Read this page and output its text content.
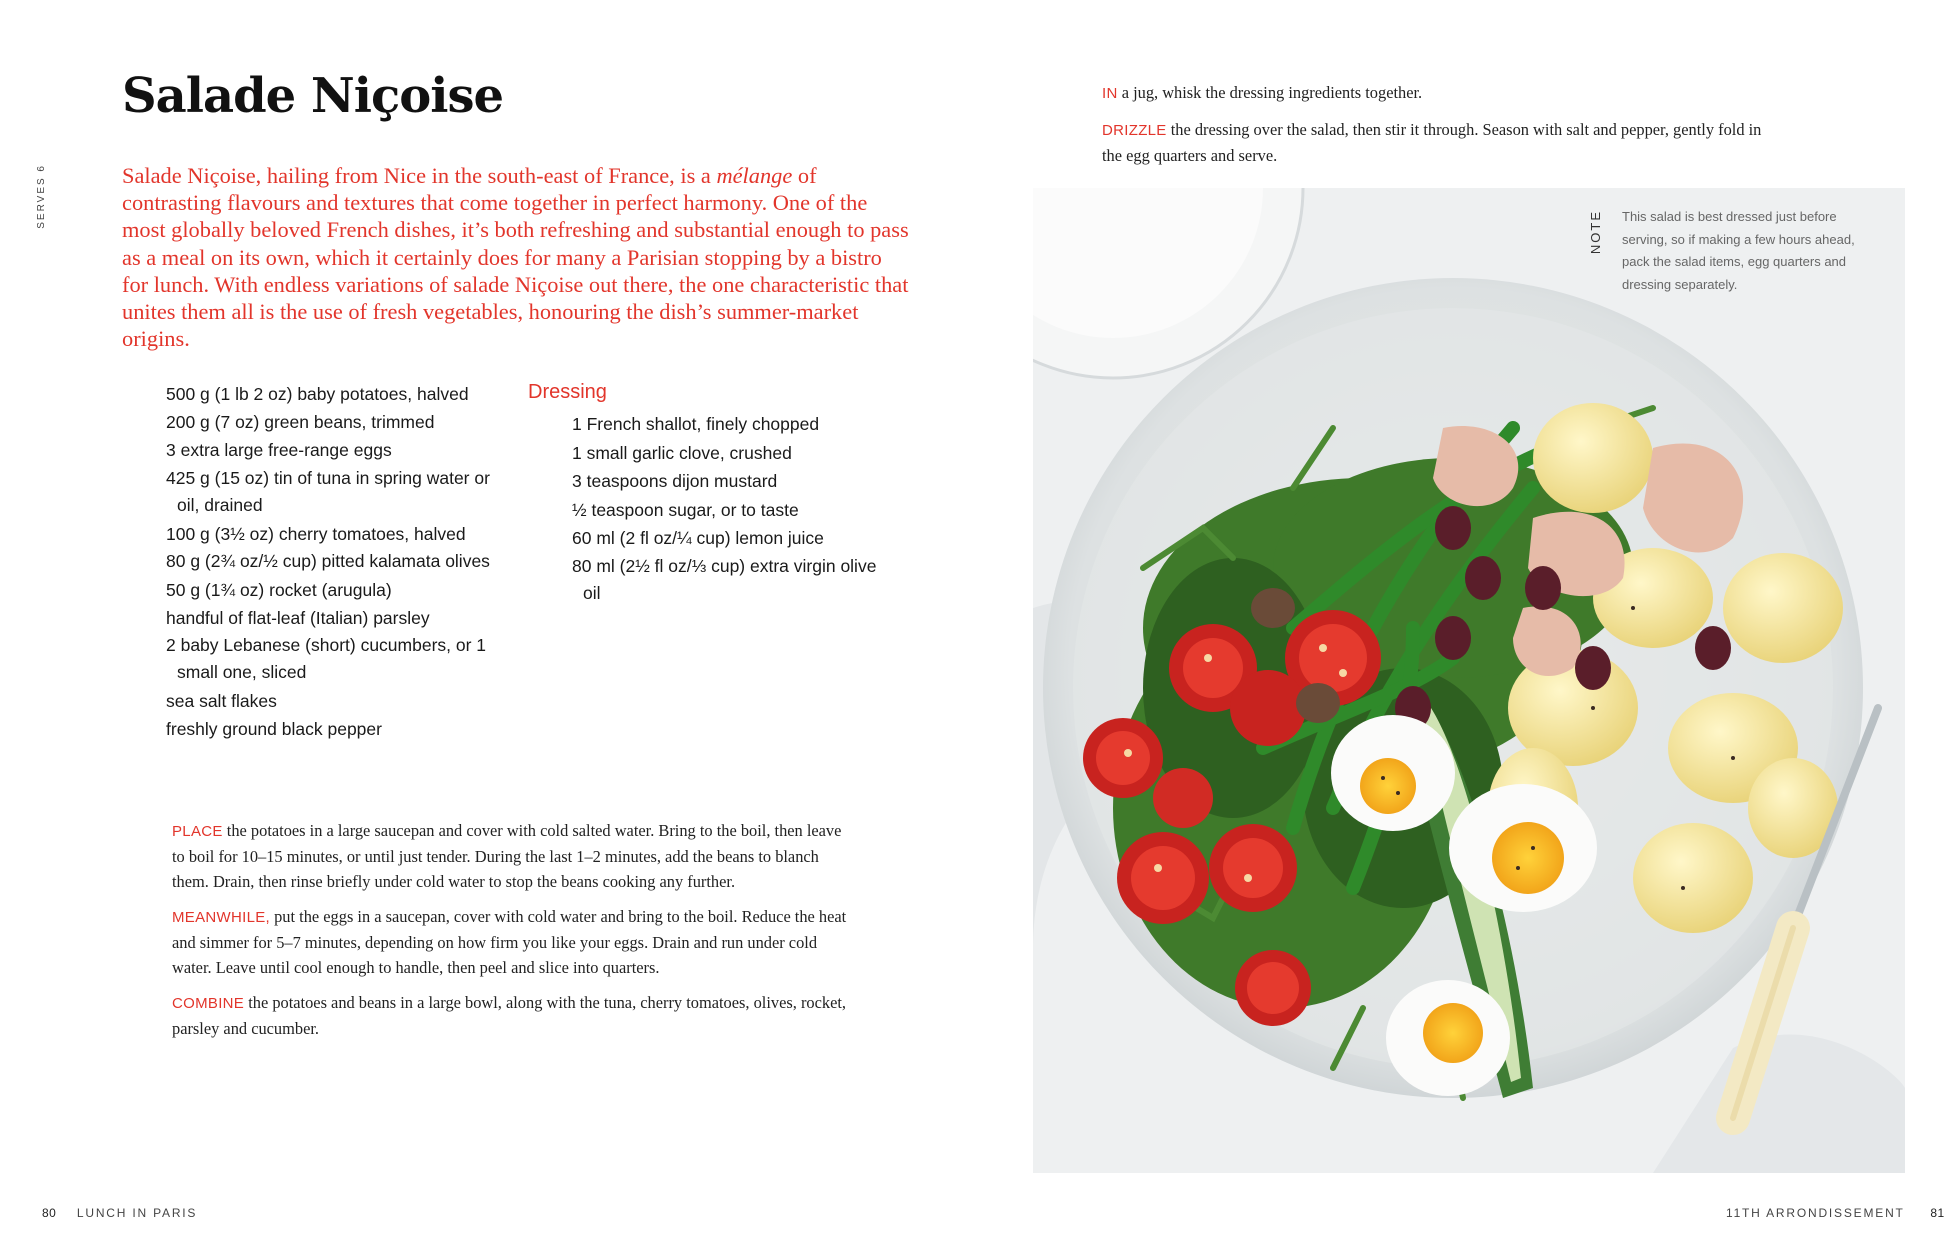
Salade Niçoise
SERVES 6	Salade Niçoise, hailing from Nice in the south-east of France, is a mélange of contrasting flavours and textures that come together in perfect harmony. One of the most globally beloved French dishes, it’s both refreshing and substantial enough to pass as a meal on its own, which it certainly does for many a Parisian stopping by a bistro for lunch. With endless variations of salade Niçoise out there, the one characteristic that unites them all is the use of fresh vegetables, honouring the dish’s summer-market origins.

500 g (1 lb 2 oz) baby potatoes, halved
200 g (7 oz) green beans, trimmed
3 extra large free-range eggs
425 g (15 oz) tin of tuna in spring water or oil, drained
100 g (3½ oz) cherry tomatoes, halved
80 g (2¾ oz/½ cup) pitted kalamata olives
50 g (1¾ oz) rocket (arugula)
handful of flat-leaf (Italian) parsley
2 baby Lebanese (short) cucumbers, or 1 small one, sliced
sea salt flakes
freshly ground black pepper
Dressing
1 French shallot, finely chopped
1 small garlic clove, crushed
3 teaspoons dijon mustard
½ teaspoon sugar, or to taste
60 ml (2 fl oz/¼ cup) lemon juice
80 ml (2½ fl oz/⅓ cup) extra virgin olive oil

PLACE the potatoes in a large saucepan and cover with cold salted water. Bring to the boil, then leave to boil for 10–15 minutes, or until just tender. During the last 1–2 minutes, add the beans to blanch them. Drain, then rinse briefly under cold water to stop the beans cooking any further.

MEANWHILE, put the eggs in a saucepan, cover with cold water and bring to the boil. Reduce the heat and simmer for 5–7 minutes, depending on how firm you like your eggs. Drain and run under cold water. Leave until cool enough to handle, then peel and slice into quarters.

COMBINE the potatoes and beans in a large bowl, along with the tuna, cherry tomatoes, olives, rocket, parsley and cucumber.

80 LUNCH IN PARIS

IN a jug, whisk the dressing ingredients together.

DRIZZLE the dressing over the salad, then stir it through. Season with salt and pepper, gently fold in the egg quarters and serve.

NOTE This salad is best dressed just before serving, so if making a few hours ahead, pack the salad items, egg quarters and dressing separately.

11TH ARRONDISSEMENT 81
